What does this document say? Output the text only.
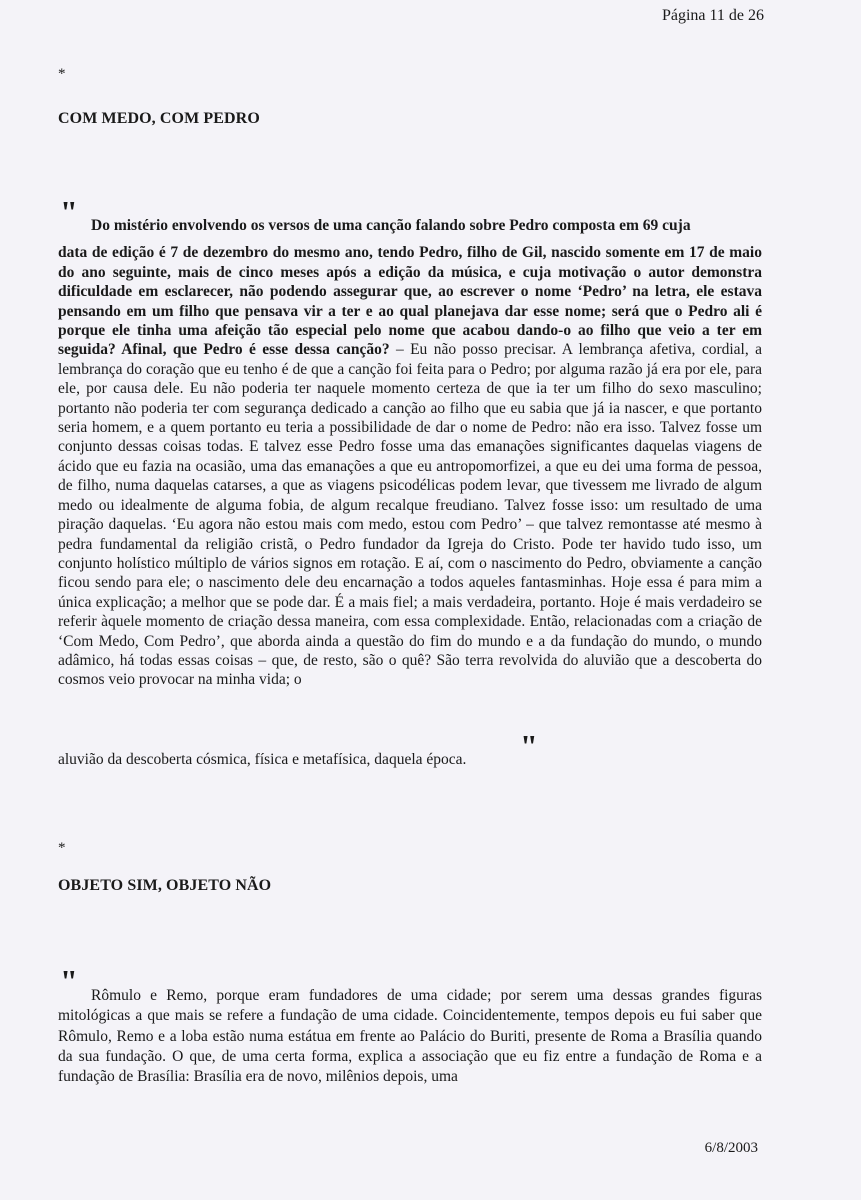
Página 11 de 26
*
COM MEDO, COM PEDRO
" Do mistério envolvendo os versos de uma canção falando sobre Pedro composta em 69 cuja

data de edição é 7 de dezembro do mesmo ano, tendo Pedro, filho de Gil, nascido somente em 17 de maio do ano seguinte, mais de cinco meses após a edição da música, e cuja motivação o autor demonstra dificuldade em esclarecer, não podendo assegurar que, ao escrever o nome ‘Pedro’ na letra, ele estava pensando em um filho que pensava vir a ter e ao qual planejava dar esse nome; será que o Pedro ali é porque ele tinha uma afeição tão especial pelo nome que acabou dando-o ao filho que veio a ter em seguida? Afinal, que Pedro é esse dessa canção? – Eu não posso precisar. A lembrança afetiva, cordial, a lembrança do coração que eu tenho é de que a canção foi feita para o Pedro; por alguma razão já era por ele, para ele, por causa dele. Eu não poderia ter naquele momento certeza de que ia ter um filho do sexo masculino; portanto não poderia ter com segurança dedicado a canção ao filho que eu sabia que já ia nascer, e que portanto seria homem, e a quem portanto eu teria a possibilidade de dar o nome de Pedro: não era isso. Talvez fosse um conjunto dessas coisas todas. E talvez esse Pedro fosse uma das emanações significantes daquelas viagens de ácido que eu fazia na ocasião, uma das emanações a que eu antropomorfizei, a que eu dei uma forma de pessoa, de filho, numa daquelas catarses, a que as viagens psicodélicas podem levar, que tivessem me livrado de algum medo ou idealmente de alguma fobia, de algum recalque freudiano. Talvez fosse isso: um resultado de uma piração daquelas. ‘Eu agora não estou mais com medo, estou com Pedro’ – que talvez remontasse até mesmo à pedra fundamental da religião cristã, o Pedro fundador da Igreja do Cristo. Pode ter havido tudo isso, um conjunto holístico múltiplo de vários signos em rotação. E aí, com o nascimento do Pedro, obviamente a canção ficou sendo para ele; o nascimento dele deu encarnação a todos aqueles fantasminhas. Hoje essa é para mim a única explicação; a melhor que se pode dar. É a mais fiel; a mais verdadeira, portanto. Hoje é mais verdadeiro se referir àquele momento de criação dessa maneira, com essa complexidade. Então, relacionadas com a criação de ‘Com Medo, Com Pedro’, que aborda ainda a questão do fim do mundo e a da fundação do mundo, o mundo adâmico, há todas essas coisas – que, de resto, são o quê? São terra revolvida do aluvião que a descoberta do cosmos veio provocar na minha vida; o

"
aluvião da descoberta cósmica, física e metafísica, daquela época.
*
OBJETO SIM, OBJETO NÃO
" Rômulo e Remo, porque eram fundadores de uma cidade; por serem uma dessas grandes figuras mitológicas a que mais se refere a fundação de uma cidade. Coincidentemente, tempos depois eu fui saber que Rômulo, Remo e a loba estão numa estátua em frente ao Palácio do Buriti, presente de Roma a Brasília quando da sua fundação. O que, de uma certa forma, explica a associação que eu fiz entre a fundação de Roma e a fundação de Brasília: Brasília era de novo, milênios depois, uma

6/8/2003
